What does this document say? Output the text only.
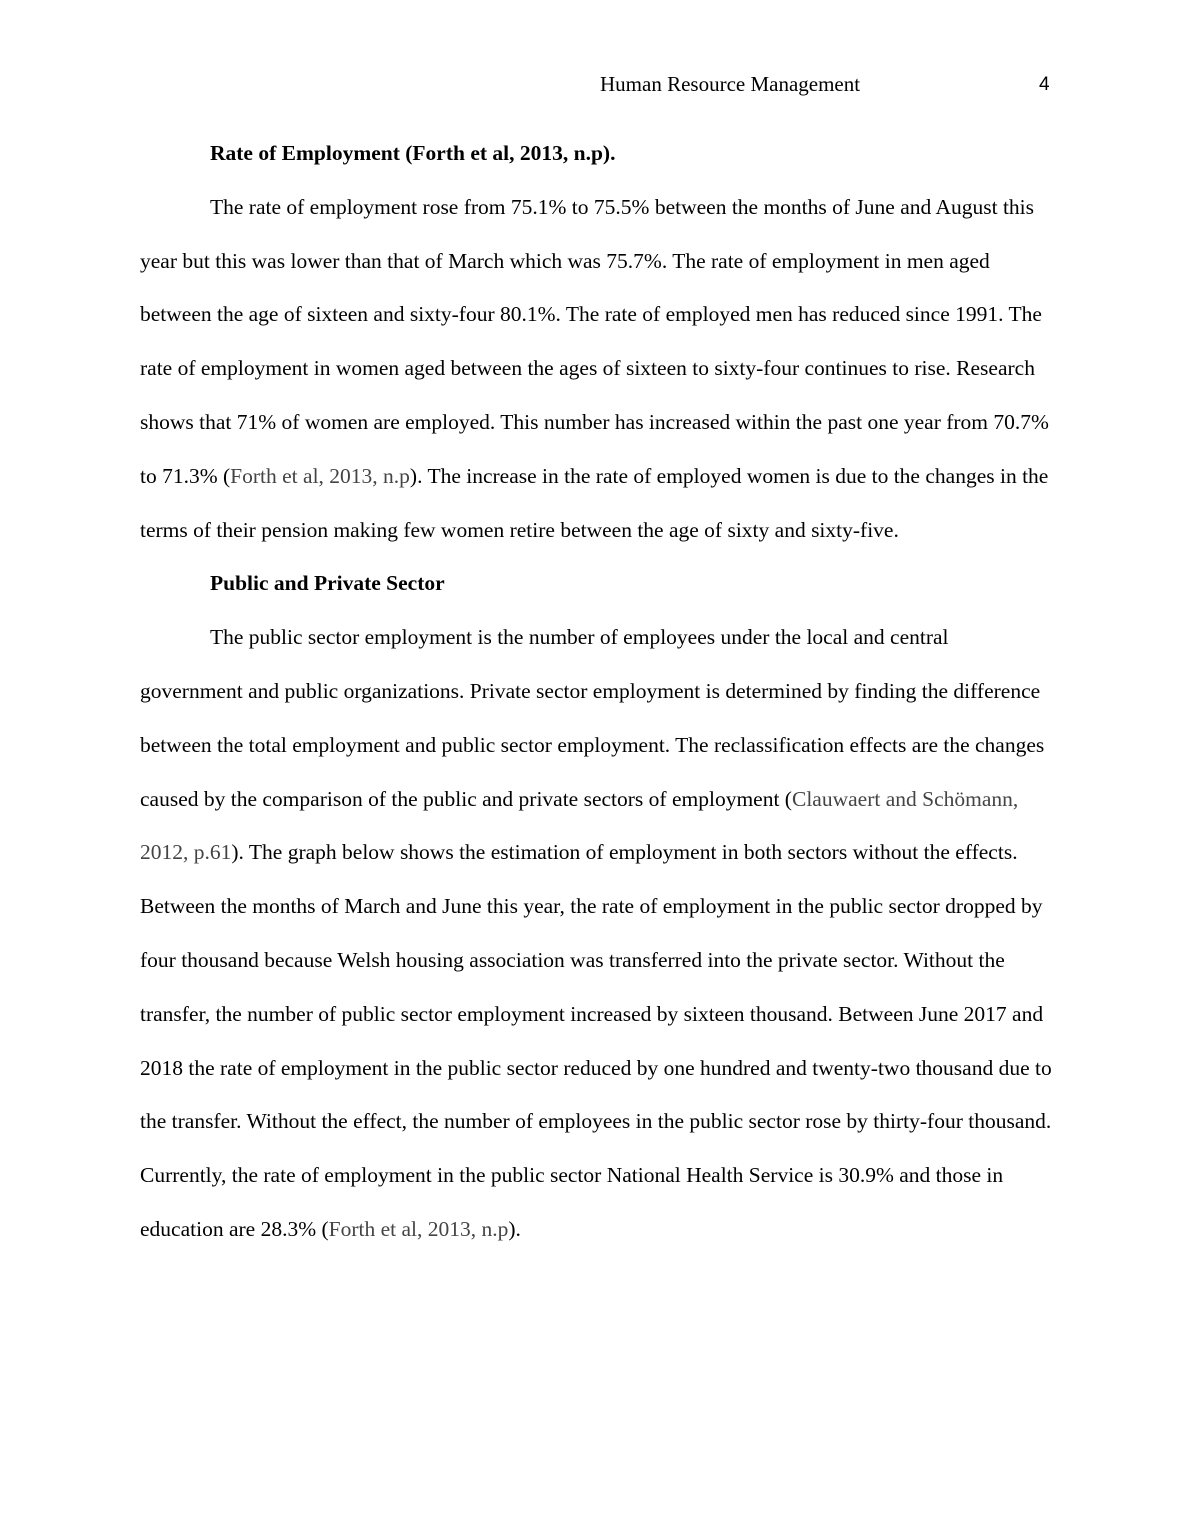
Human Resource Management	4
Rate of Employment (Forth et al, 2013, n.p).

The rate of employment rose from 75.1% to 75.5% between the months of June and August this year but this was lower than that of March which was 75.7%. The rate of employment in men aged between the age of sixteen and sixty-four 80.1%. The rate of employed men has reduced since 1991. The rate of employment in women aged between the ages of sixteen to sixty-four continues to rise. Research shows that 71% of women are employed. This number has increased within the past one year from 70.7% to 71.3% (Forth et al, 2013, n.p). The increase in the rate of employed women is due to the changes in the terms of their pension making few women retire between the age of sixty and sixty-five.

Public and Private Sector

The public sector employment is the number of employees under the local and central government and public organizations. Private sector employment is determined by finding the difference between the total employment and public sector employment. The reclassification effects are the changes caused by the comparison of the public and private sectors of employment (Clauwaert and Schömann, 2012, p.61). The graph below shows the estimation of employment in both sectors without the effects. Between the months of March and June this year, the rate of employment in the public sector dropped by four thousand because Welsh housing association was transferred into the private sector. Without the transfer, the number of public sector employment increased by sixteen thousand. Between June 2017 and 2018 the rate of employment in the public sector reduced by one hundred and twenty-two thousand due to the transfer. Without the effect, the number of employees in the public sector rose by thirty-four thousand. Currently, the rate of employment in the public sector National Health Service is 30.9% and those in education are 28.3% (Forth et al, 2013, n.p).
